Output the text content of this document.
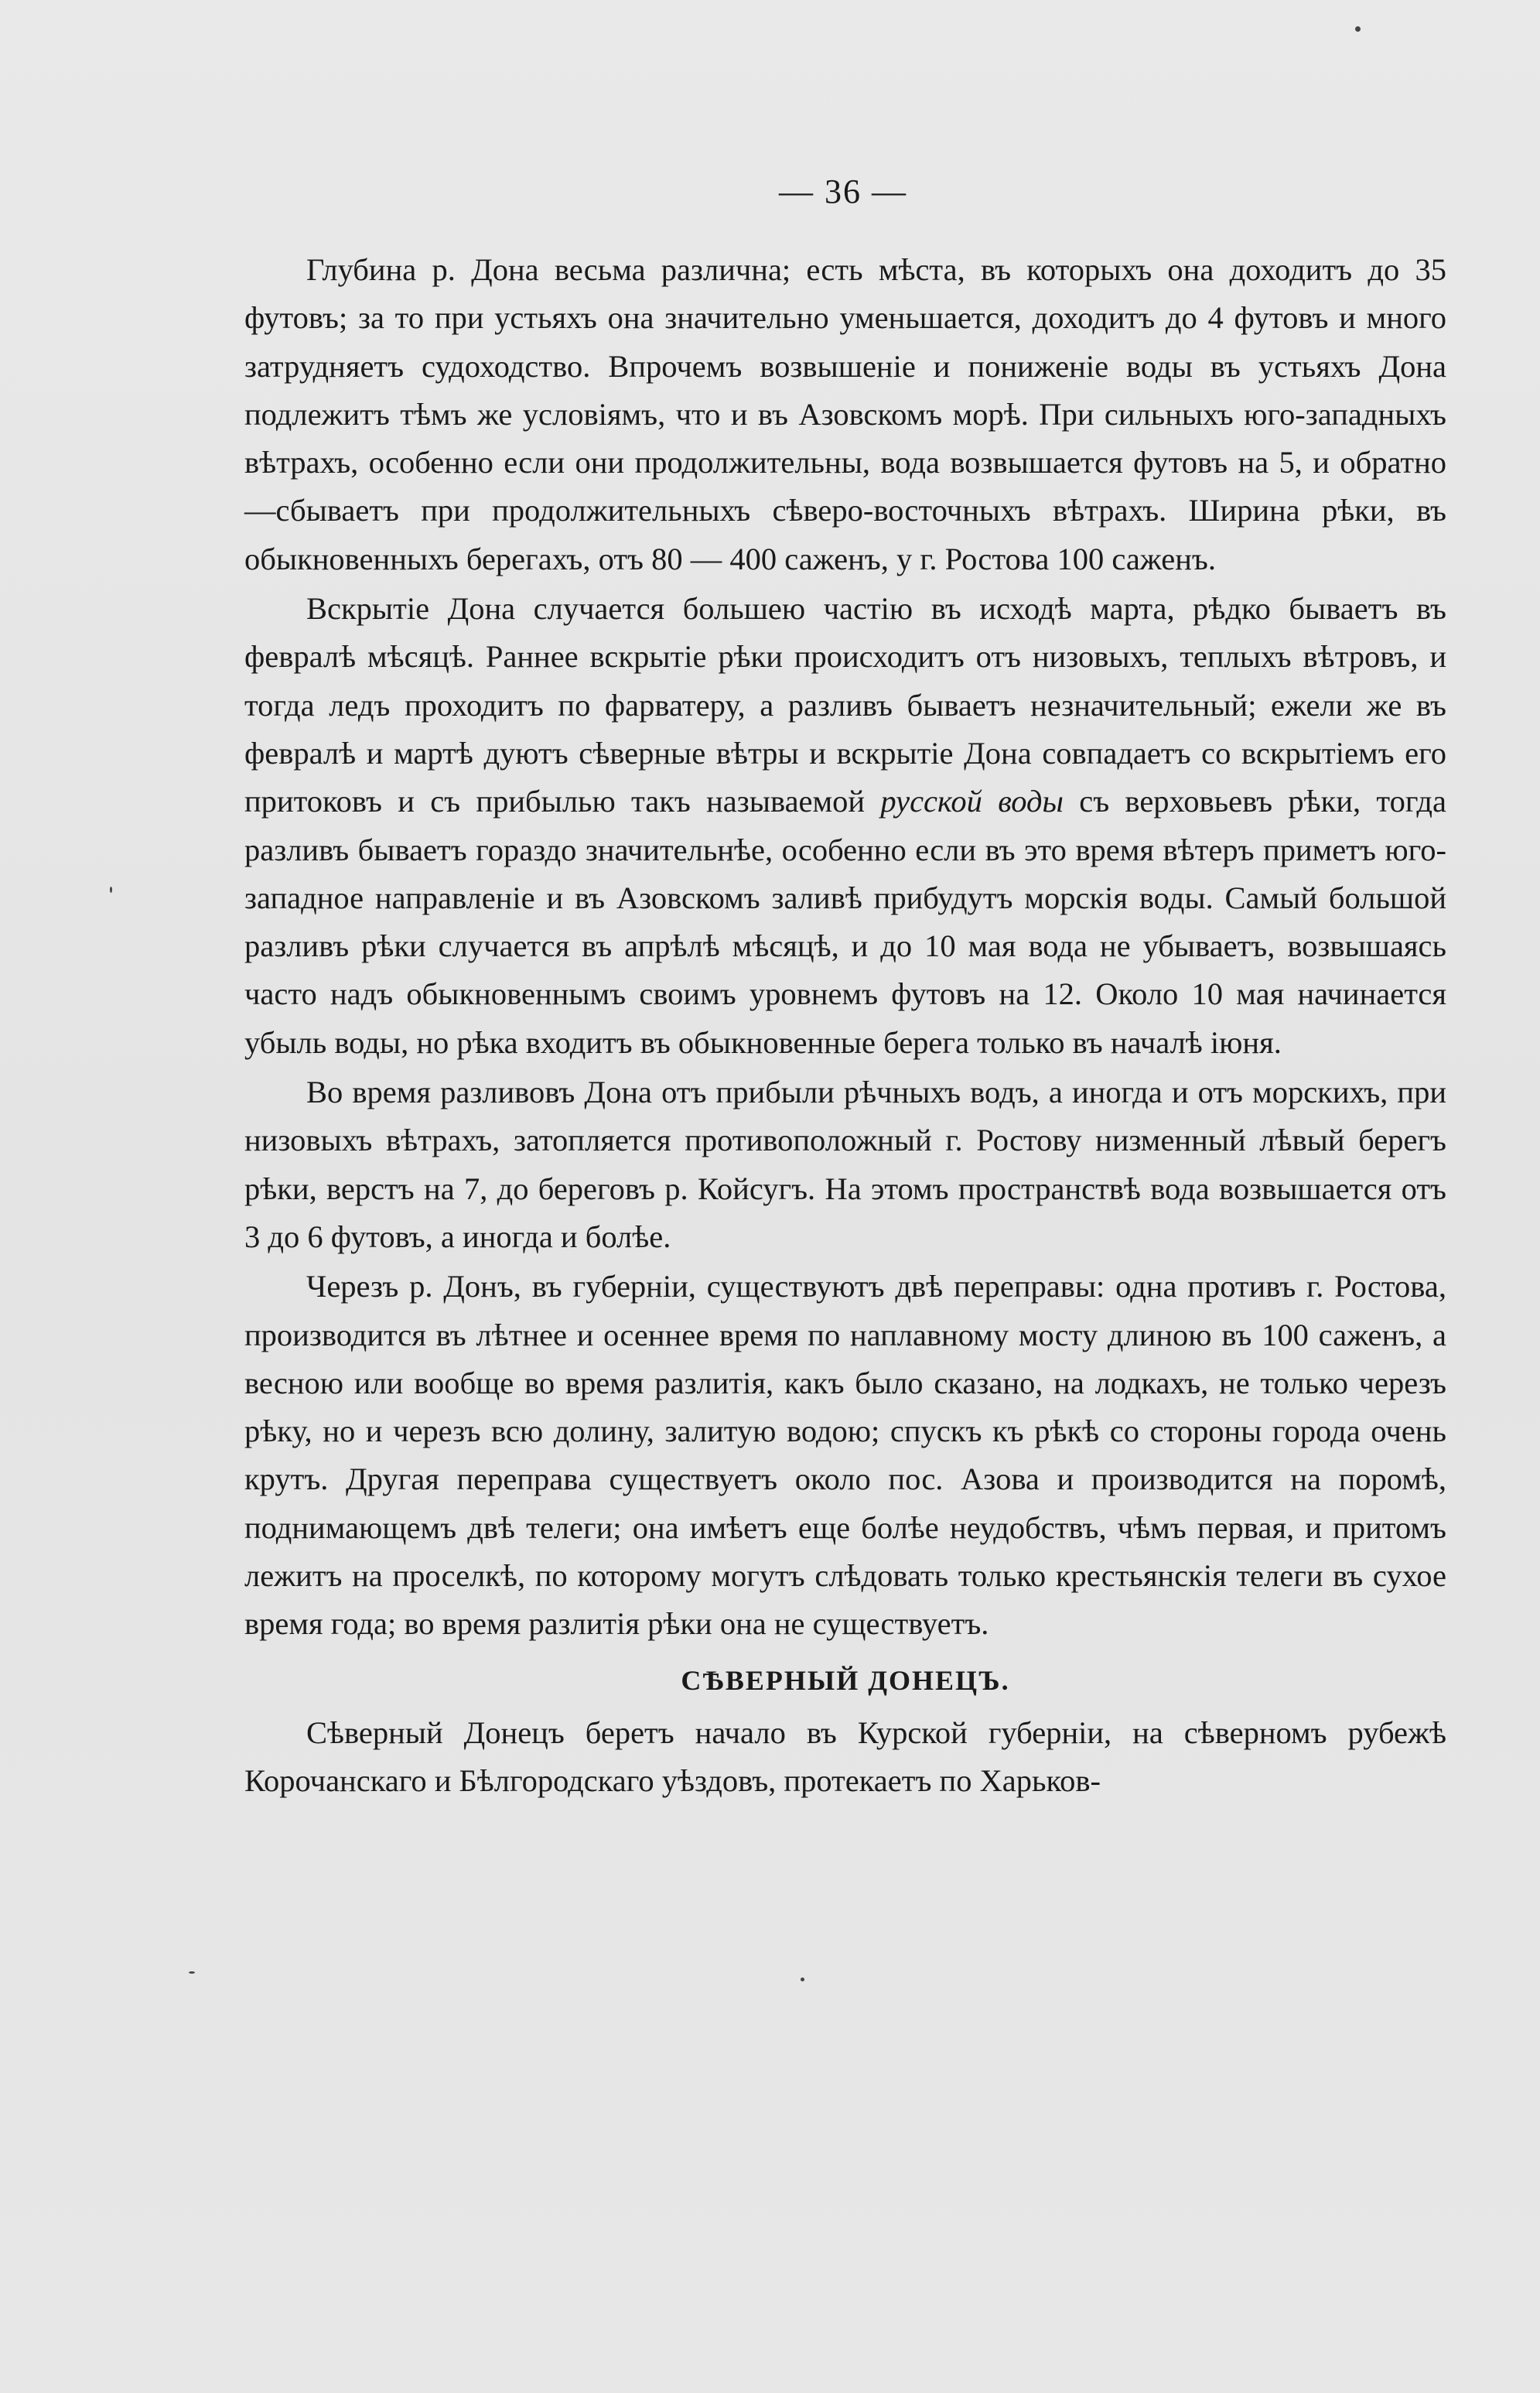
— 36 —

Глубина р. Дона весьма различна; есть мѣста, въ которыхъ она доходитъ до 35 футовъ; за то при устьяхъ она значительно уменьшается, доходитъ до 4 футовъ и много затрудняетъ судоходство. Впрочемъ возвышеніе и пониженіе воды въ устьяхъ Дона подлежитъ тѣмъ же условіямъ, что и въ Азовскомъ морѣ. При сильныхъ юго-западныхъ вѣтрахъ, особенно если они продолжительны, вода возвышается футовъ на 5, и обратно—сбываетъ при продолжительныхъ сѣверо-восточныхъ вѣтрахъ. Ширина рѣки, въ обыкновенныхъ берегахъ, отъ 80 — 400 саженъ, у г. Ростова 100 саженъ.

Вскрытіе Дона случается большею частію въ исходѣ марта, рѣдко бываетъ въ февралѣ мѣсяцѣ. Раннее вскрытіе рѣки происходитъ отъ низовыхъ, теплыхъ вѣтровъ, и тогда ледъ проходитъ по фарватеру, а разливъ бываетъ незначительный; ежели же въ февралѣ и мартѣ дуютъ сѣверные вѣтры и вскрытіе Дона совпадаетъ со вскрытіемъ его притоковъ и съ прибылью такъ называемой русской воды съ верховьевъ рѣки, тогда разливъ бываетъ гораздо значительнѣе, особенно если въ это время вѣтеръ приметъ юго-западное направленіе и въ Азовскомъ заливѣ прибудутъ морскія воды. Самый большой разливъ рѣки случается въ апрѣлѣ мѣсяцѣ, и до 10 мая вода не убываетъ, возвышаясь часто надъ обыкновеннымъ своимъ уровнемъ футовъ на 12. Около 10 мая начинается убыль воды, но рѣка входитъ въ обыкновенные берега только въ началѣ іюня.

Во время разливовъ Дона отъ прибыли рѣчныхъ водъ, а иногда и отъ морскихъ, при низовыхъ вѣтрахъ, затопляется противоположный г. Ростову низменный лѣвый берегъ рѣки, верстъ на 7, до береговъ р. Койсугъ. На этомъ пространствѣ вода возвышается отъ 3 до 6 футовъ, а иногда и болѣе.

Черезъ р. Донъ, въ губерніи, существуютъ двѣ переправы: одна противъ г. Ростова, производится въ лѣтнее и осеннее время по наплавному мосту длиною въ 100 саженъ, а весною или вообще во время разлитія, какъ было сказано, на лодкахъ, не только черезъ рѣку, но и черезъ всю долину, залитую водою; спускъ къ рѣкѣ со стороны города очень крутъ. Другая переправа существуетъ около пос. Азова и производится на поромѣ, поднимающемъ двѣ телеги; она имѣетъ еще болѣе неудобствъ, чѣмъ первая, и притомъ лежитъ на проселкѣ, по которому могутъ слѣдовать только крестьянскія телеги въ сухое время года; во время разлитія рѣки она не существуетъ.

СѢВЕРНЫЙ ДОНЕЦЪ.

Сѣверный Донецъ беретъ начало въ Курской губерніи, на сѣверномъ рубежѣ Корочанскаго и Бѣлгородскаго уѣздовъ, протекаетъ по Харьков-
